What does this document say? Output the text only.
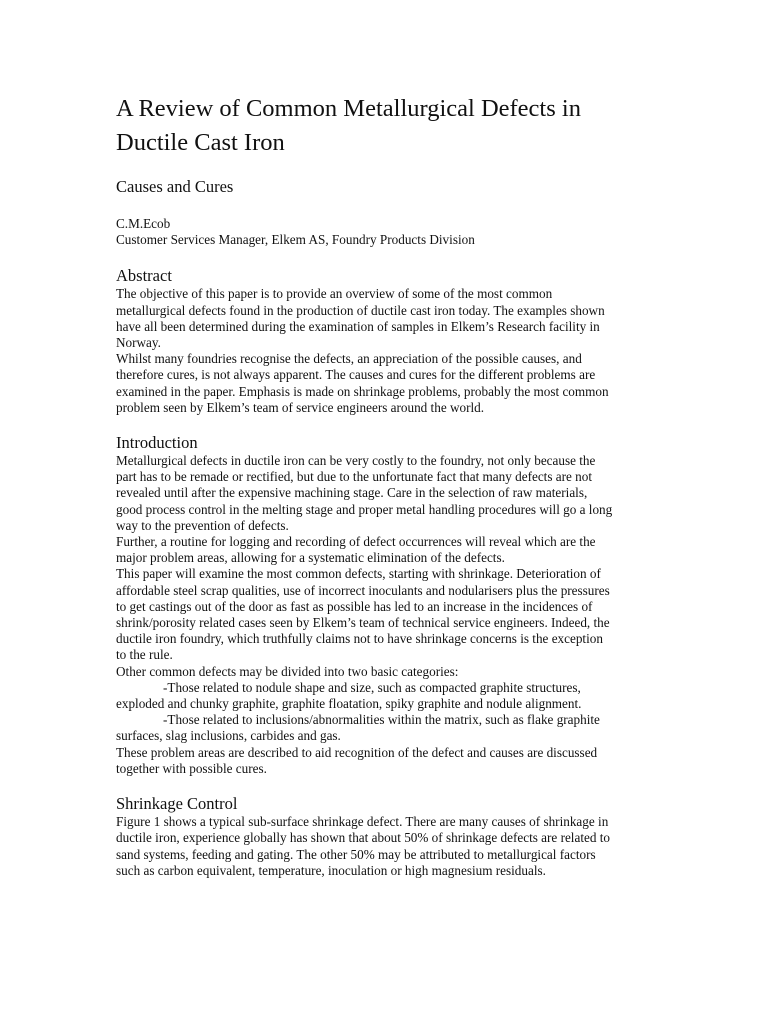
A Review of Common Metallurgical Defects in
Ductile Cast Iron
Causes and Cures
C.M.Ecob
Customer Services Manager, Elkem AS, Foundry Products Division
Abstract

The objective of this paper is to provide an overview of some of the most common
metallurgical defects found in the production of ductile cast iron today. The examples shown
have all been determined during the examination of samples in Elkem’s Research facility in
Norway.
Whilst many foundries recognise the defects, an appreciation of the possible causes, and
therefore cures, is not always apparent. The causes and cures for the different problems are
examined in the paper. Emphasis is made on shrinkage problems, probably the most common
problem seen by Elkem’s team of service engineers around the world.

Introduction

Metallurgical defects in ductile iron can be very costly to the foundry, not only because the
part has to be remade or rectified, but due to the unfortunate fact that many defects are not
revealed until after the expensive machining stage. Care in the selection of raw materials,
good process control in the melting stage and proper metal handling procedures will go a long
way to the prevention of defects.
Further, a routine for logging and recording of defect occurrences will reveal which are the
major problem areas, allowing for a systematic elimination of the defects.
This paper will examine the most common defects, starting with shrinkage. Deterioration of
affordable steel scrap qualities, use of incorrect inoculants and nodularisers plus the pressures
to get castings out of the door as fast as possible has led to an increase in the incidences of
shrink/porosity related cases seen by Elkem’s team of technical service engineers. Indeed, the
ductile iron foundry, which truthfully claims not to have shrinkage concerns is the exception
to the rule.
Other common defects may be divided into two basic categories:
-Those related to nodule shape and size, such as compacted graphite structures,
exploded and chunky graphite, graphite floatation, spiky graphite and nodule alignment.
-Those related to inclusions/abnormalities within the matrix, such as flake graphite
surfaces, slag inclusions, carbides and gas.
These problem areas are described to aid recognition of the defect and causes are discussed
together with possible cures.

Shrinkage Control

Figure 1 shows a typical sub-surface shrinkage defect. There are many causes of shrinkage in
ductile iron, experience globally has shown that about 50% of shrinkage defects are related to
sand systems, feeding and gating. The other 50% may be attributed to metallurgical factors
such as carbon equivalent, temperature, inoculation or high magnesium residuals.
